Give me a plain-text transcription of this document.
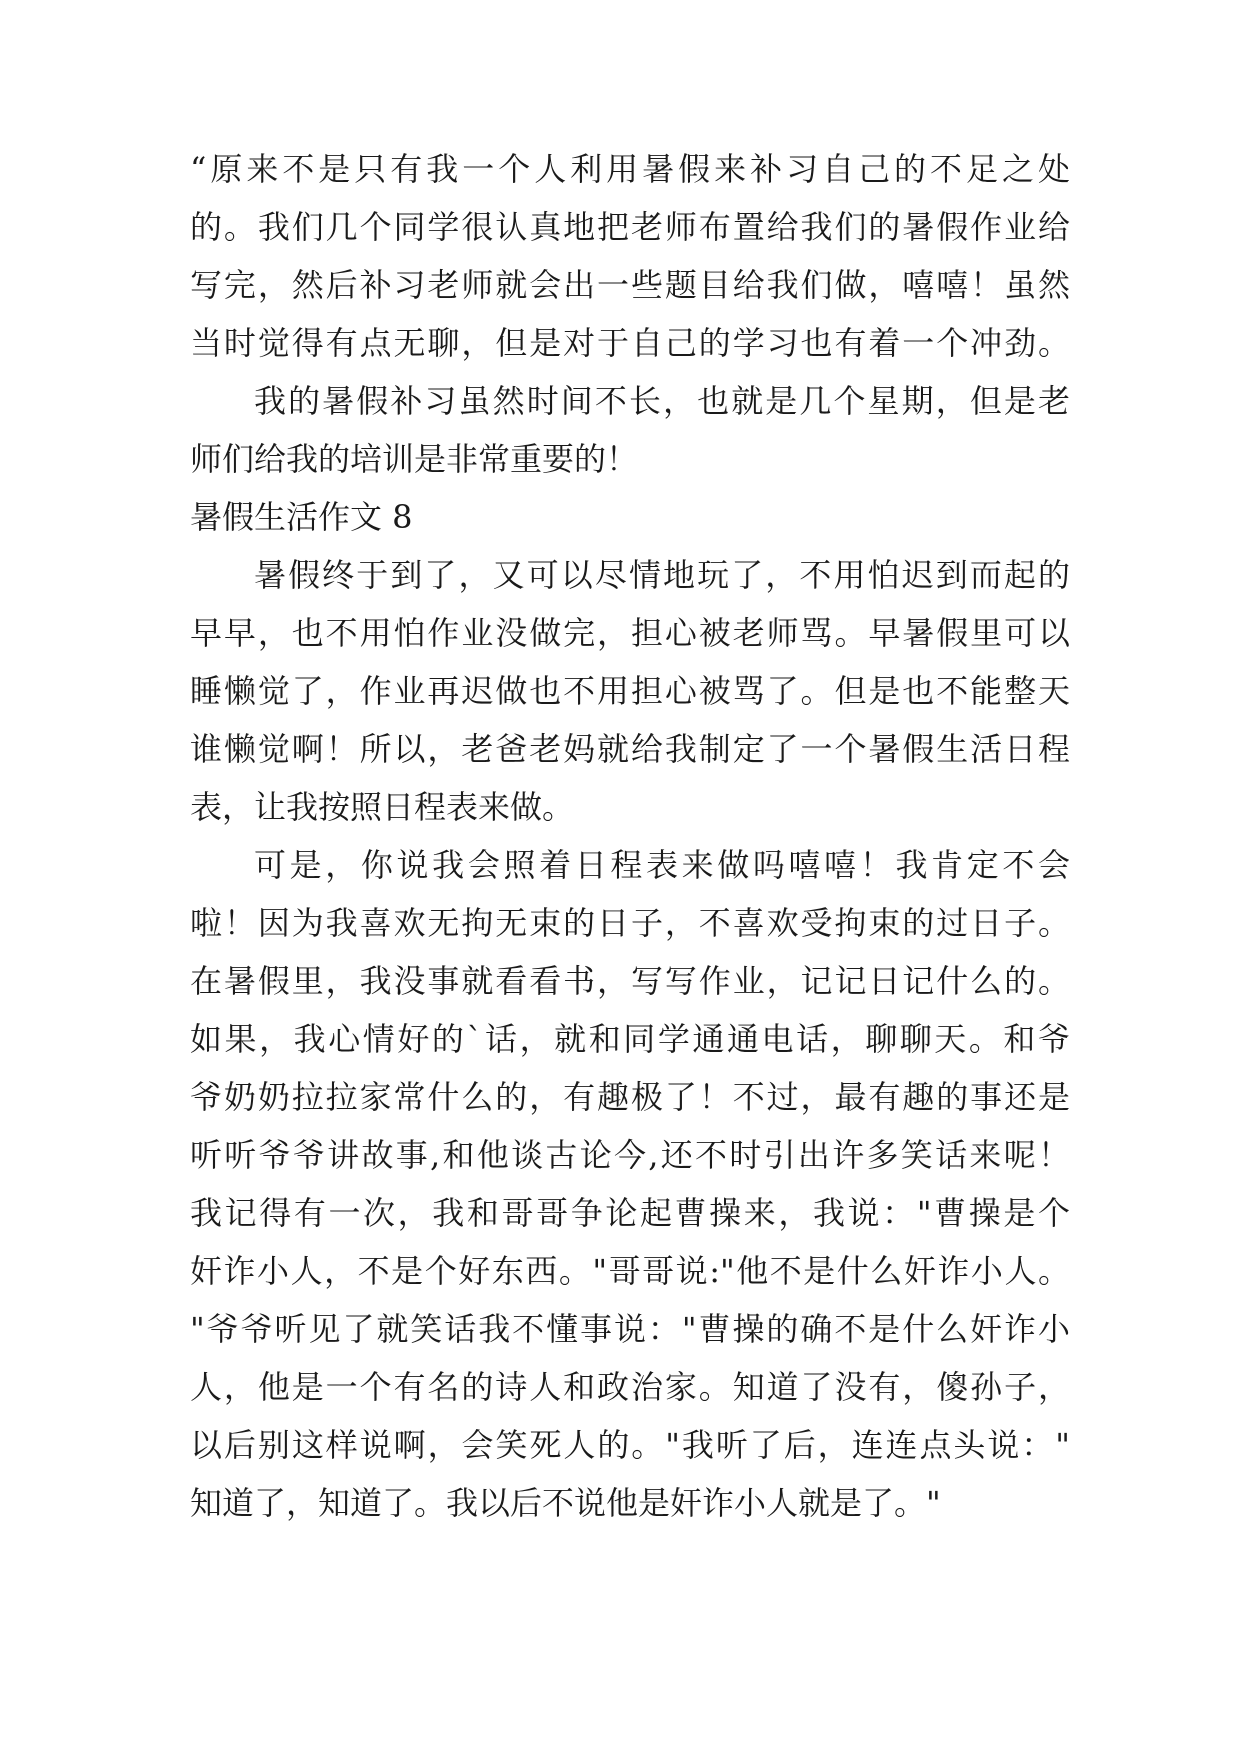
“原来不是只有我一个人利用暑假来补习自己的不足之处
的。我们几个同学很认真地把老师布置给我们的暑假作业给
写完，然后补习老师就会出一些题目给我们做，嘻嘻！虽然
当时觉得有点无聊，但是对于自己的学习也有着一个冲劲。
我的暑假补习虽然时间不长，也就是几个星期，但是老
师们给我的培训是非常重要的！
暑假生活作文 8
暑假终于到了，又可以尽情地玩了，不用怕迟到而起的
早早，也不用怕作业没做完，担心被老师骂。早暑假里可以
睡懒觉了，作业再迟做也不用担心被骂了。但是也不能整天
谁懒觉啊！所以，老爸老妈就给我制定了一个暑假生活日程
表，让我按照日程表来做。
可是，你说我会照着日程表来做吗嘻嘻！我肯定不会
啦！因为我喜欢无拘无束的日子，不喜欢受拘束的过日子。
在暑假里，我没事就看看书，写写作业，记记日记什么的。
如果，我心情好的`话，就和同学通通电话，聊聊天。和爷
爷奶奶拉拉家常什么的，有趣极了！不过，最有趣的事还是
听听爷爷讲故事,和他谈古论今,还不时引出许多笑话来呢！
我记得有一次，我和哥哥争论起曹操来，我说："曹操是个
奸诈小人，不是个好东西。"哥哥说:"他不是什么奸诈小人。
"爷爷听见了就笑话我不懂事说："曹操的确不是什么奸诈小
人，他是一个有名的诗人和政治家。知道了没有，傻孙子，
以后别这样说啊，会笑死人的。"我听了后，连连点头说："
知道了，知道了。我以后不说他是奸诈小人就是了。"
